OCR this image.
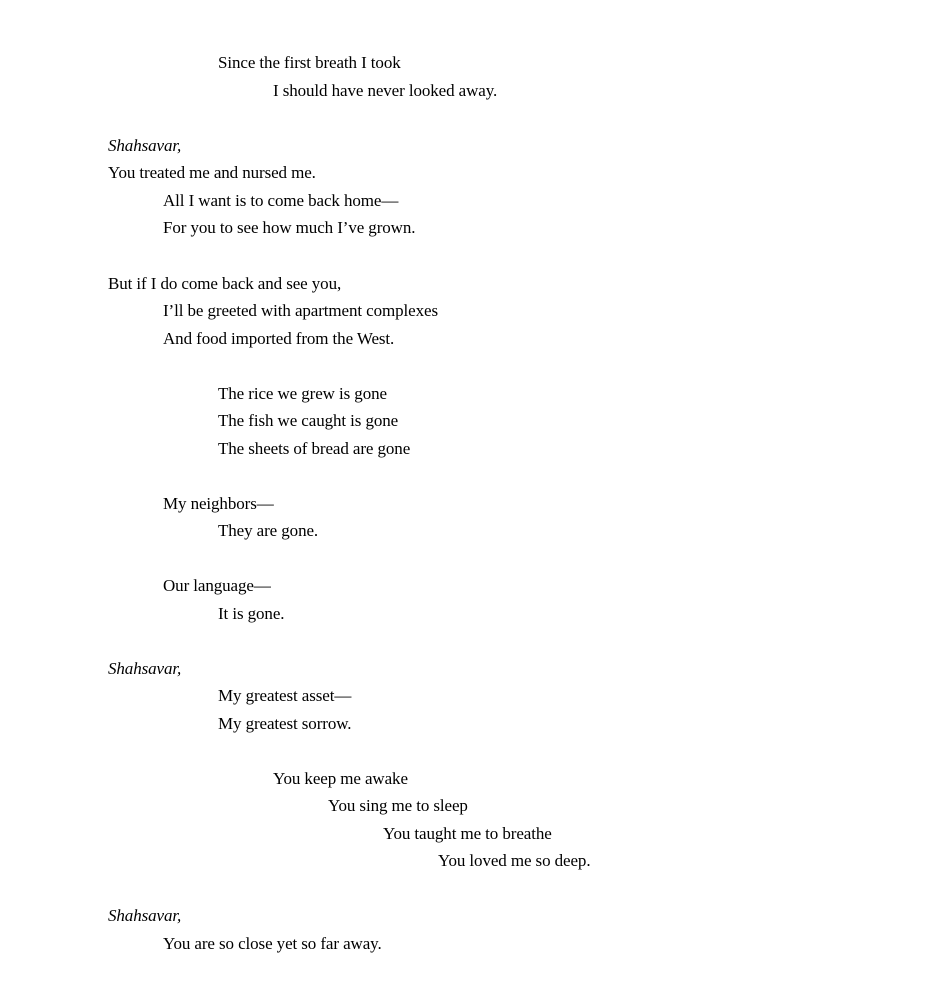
Since the first breath I took
I should have never looked away.
Shahsavar,
You treated me and nursed me.
All I want is to come back home—
For you to see how much I’ve grown.
But if I do come back and see you,
I’ll be greeted with apartment complexes
And food imported from the West.
The rice we grew is gone
The fish we caught is gone
The sheets of bread are gone
My neighbors—
They are gone.
Our language—
It is gone.
Shahsavar,
My greatest asset—
My greatest sorrow.
You keep me awake
You sing me to sleep
You taught me to breathe
You loved me so deep.
Shahsavar,
You are so close yet so far away.
